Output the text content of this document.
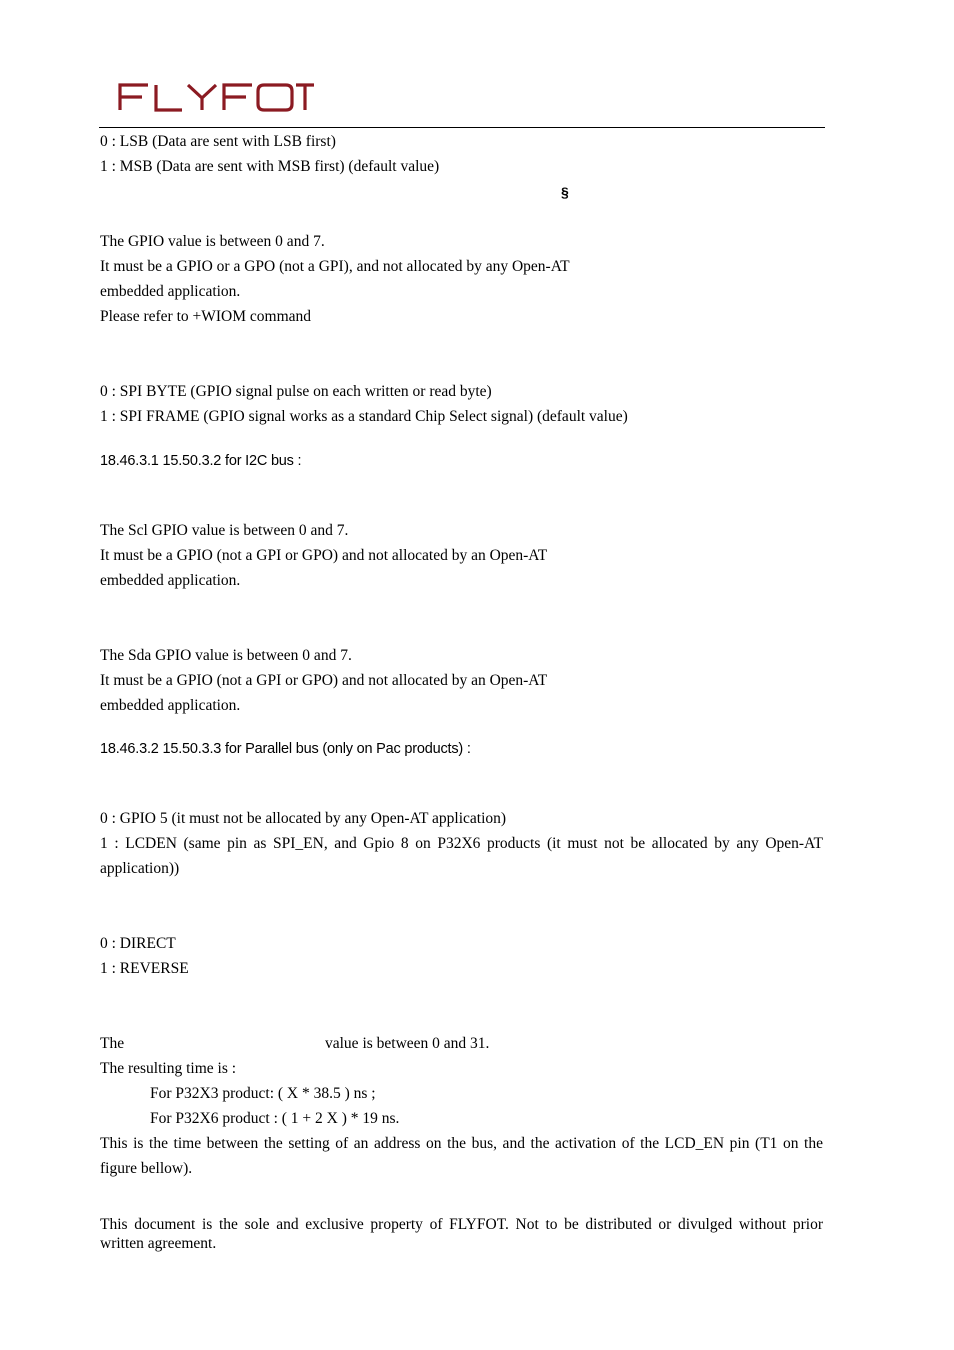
0 : LSB (Data are sent with LSB first)
1 : MSB (Data are sent with MSB first) (default value)
§
The GPIO value is between 0 and 7.
It must be a GPIO or a GPO (not a GPI), and not allocated by any Open-AT
embedded application.
Please refer to +WIOM command
0 : SPI BYTE (GPIO signal pulse on each written or read byte)
1 : SPI FRAME (GPIO signal works as a standard Chip Select signal) (default value)
18.46.3.1 15.50.3.2 for I2C bus :
The Scl GPIO value is between 0 and 7.
It must be a GPIO (not a GPI or GPO) and not allocated by an Open-AT
embedded application.
The Sda GPIO value is between 0 and 7.
It must be a GPIO (not a GPI or GPO) and not allocated by an Open-AT
embedded application.
18.46.3.2 15.50.3.3 for Parallel bus (only on Pac products) :
0 : GPIO 5 (it must not be allocated by any Open-AT application)
1 : LCDEN (same pin as SPI_EN, and Gpio 8 on P32X6 products (it must not be allocated by any Open-AT application))
0 : DIRECT
1 : REVERSE
The	value is between 0 and 31.
The resulting time is :
For P32X3 product: ( X * 38.5 ) ns ;
For P32X6 product : ( 1 + 2 X ) * 19 ns.
This is the time between the setting of an address on the bus, and the activation of the LCD_EN pin (T1 on the figure bellow).
This document is the sole and exclusive property of FLYFOT. Not to be distributed or divulged without prior written agreement.
